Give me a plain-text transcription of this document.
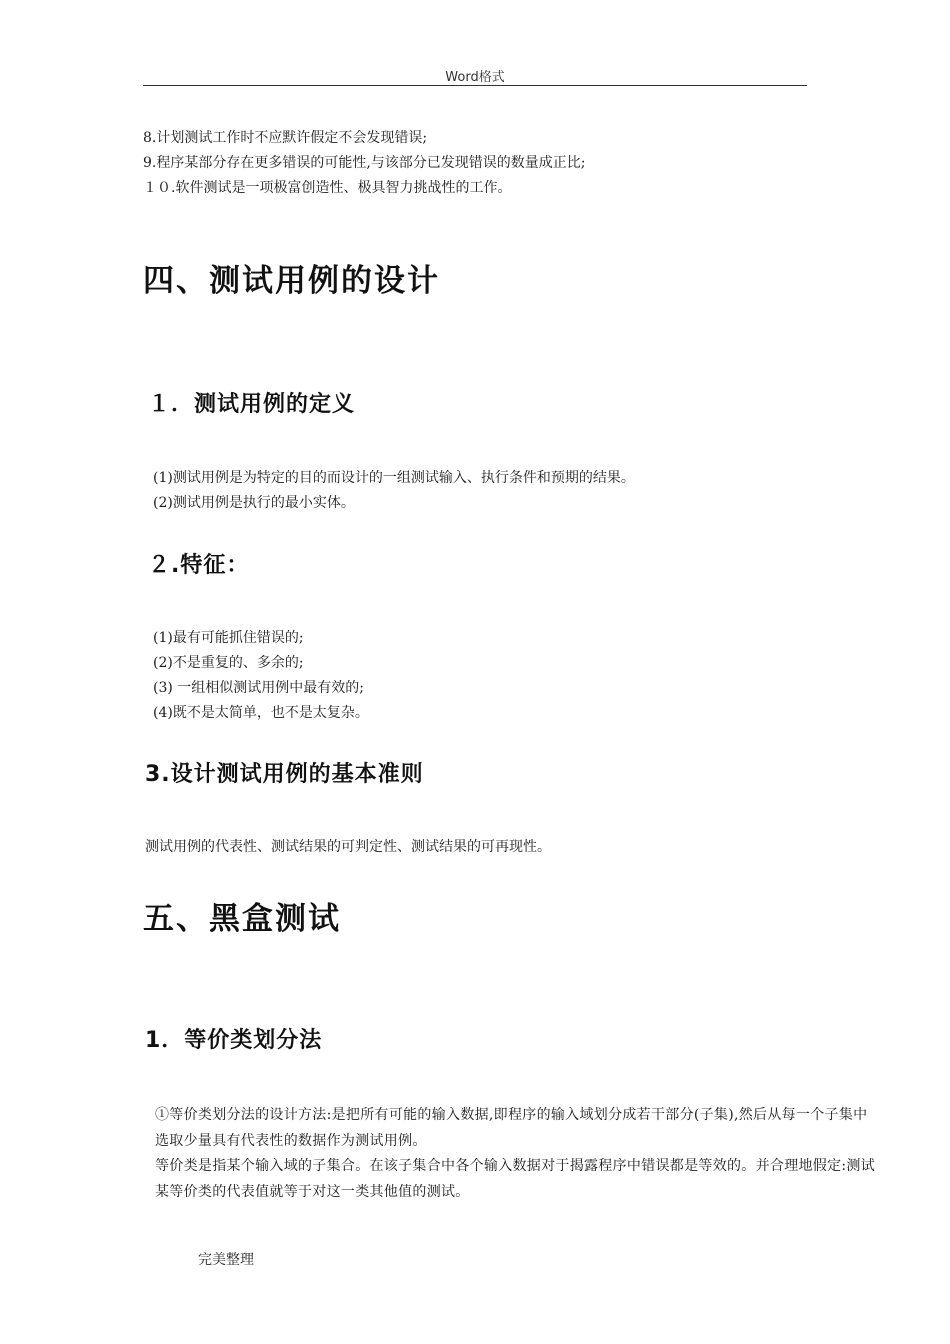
Word格式

8.计划测试工作时不应默许假定不会发现错误;

9.程序某部分存在更多错误的可能性,与该部分已发现错误的数量成正比;

１０.软件测试是一项极富创造性、极具智力挑战性的工作。

四、测试用例的设计
１．测试用例的定义

(1)测试用例是为特定的目的而设计的一组测试输入、执行条件和预期的结果。

(2)测试用例是执行的最小实体。

２.特征：

(1)最有可能抓住错误的;

(2)不是重复的、多余的;

(3) 一组相似测试用例中最有效的;

(4)既不是太简单，也不是太复杂。

3.设计测试用例的基本准则

测试用例的代表性、测试结果的可判定性、测试结果的可再现性。

五、黑盒测试
1．等价类划分法

①等价类划分法的设计方法:是把所有可能的输入数据,即程序的输入域划分成若干部分(子集),然后从每一个子集中选取少量具有代表性的数据作为测试用例。

等价类是指某个输入域的子集合。在该子集合中各个输入数据对于揭露程序中错误都是等效的。并合理地假定:测试某等价类的代表值就等于对这一类其他值的测试。

完美整理
